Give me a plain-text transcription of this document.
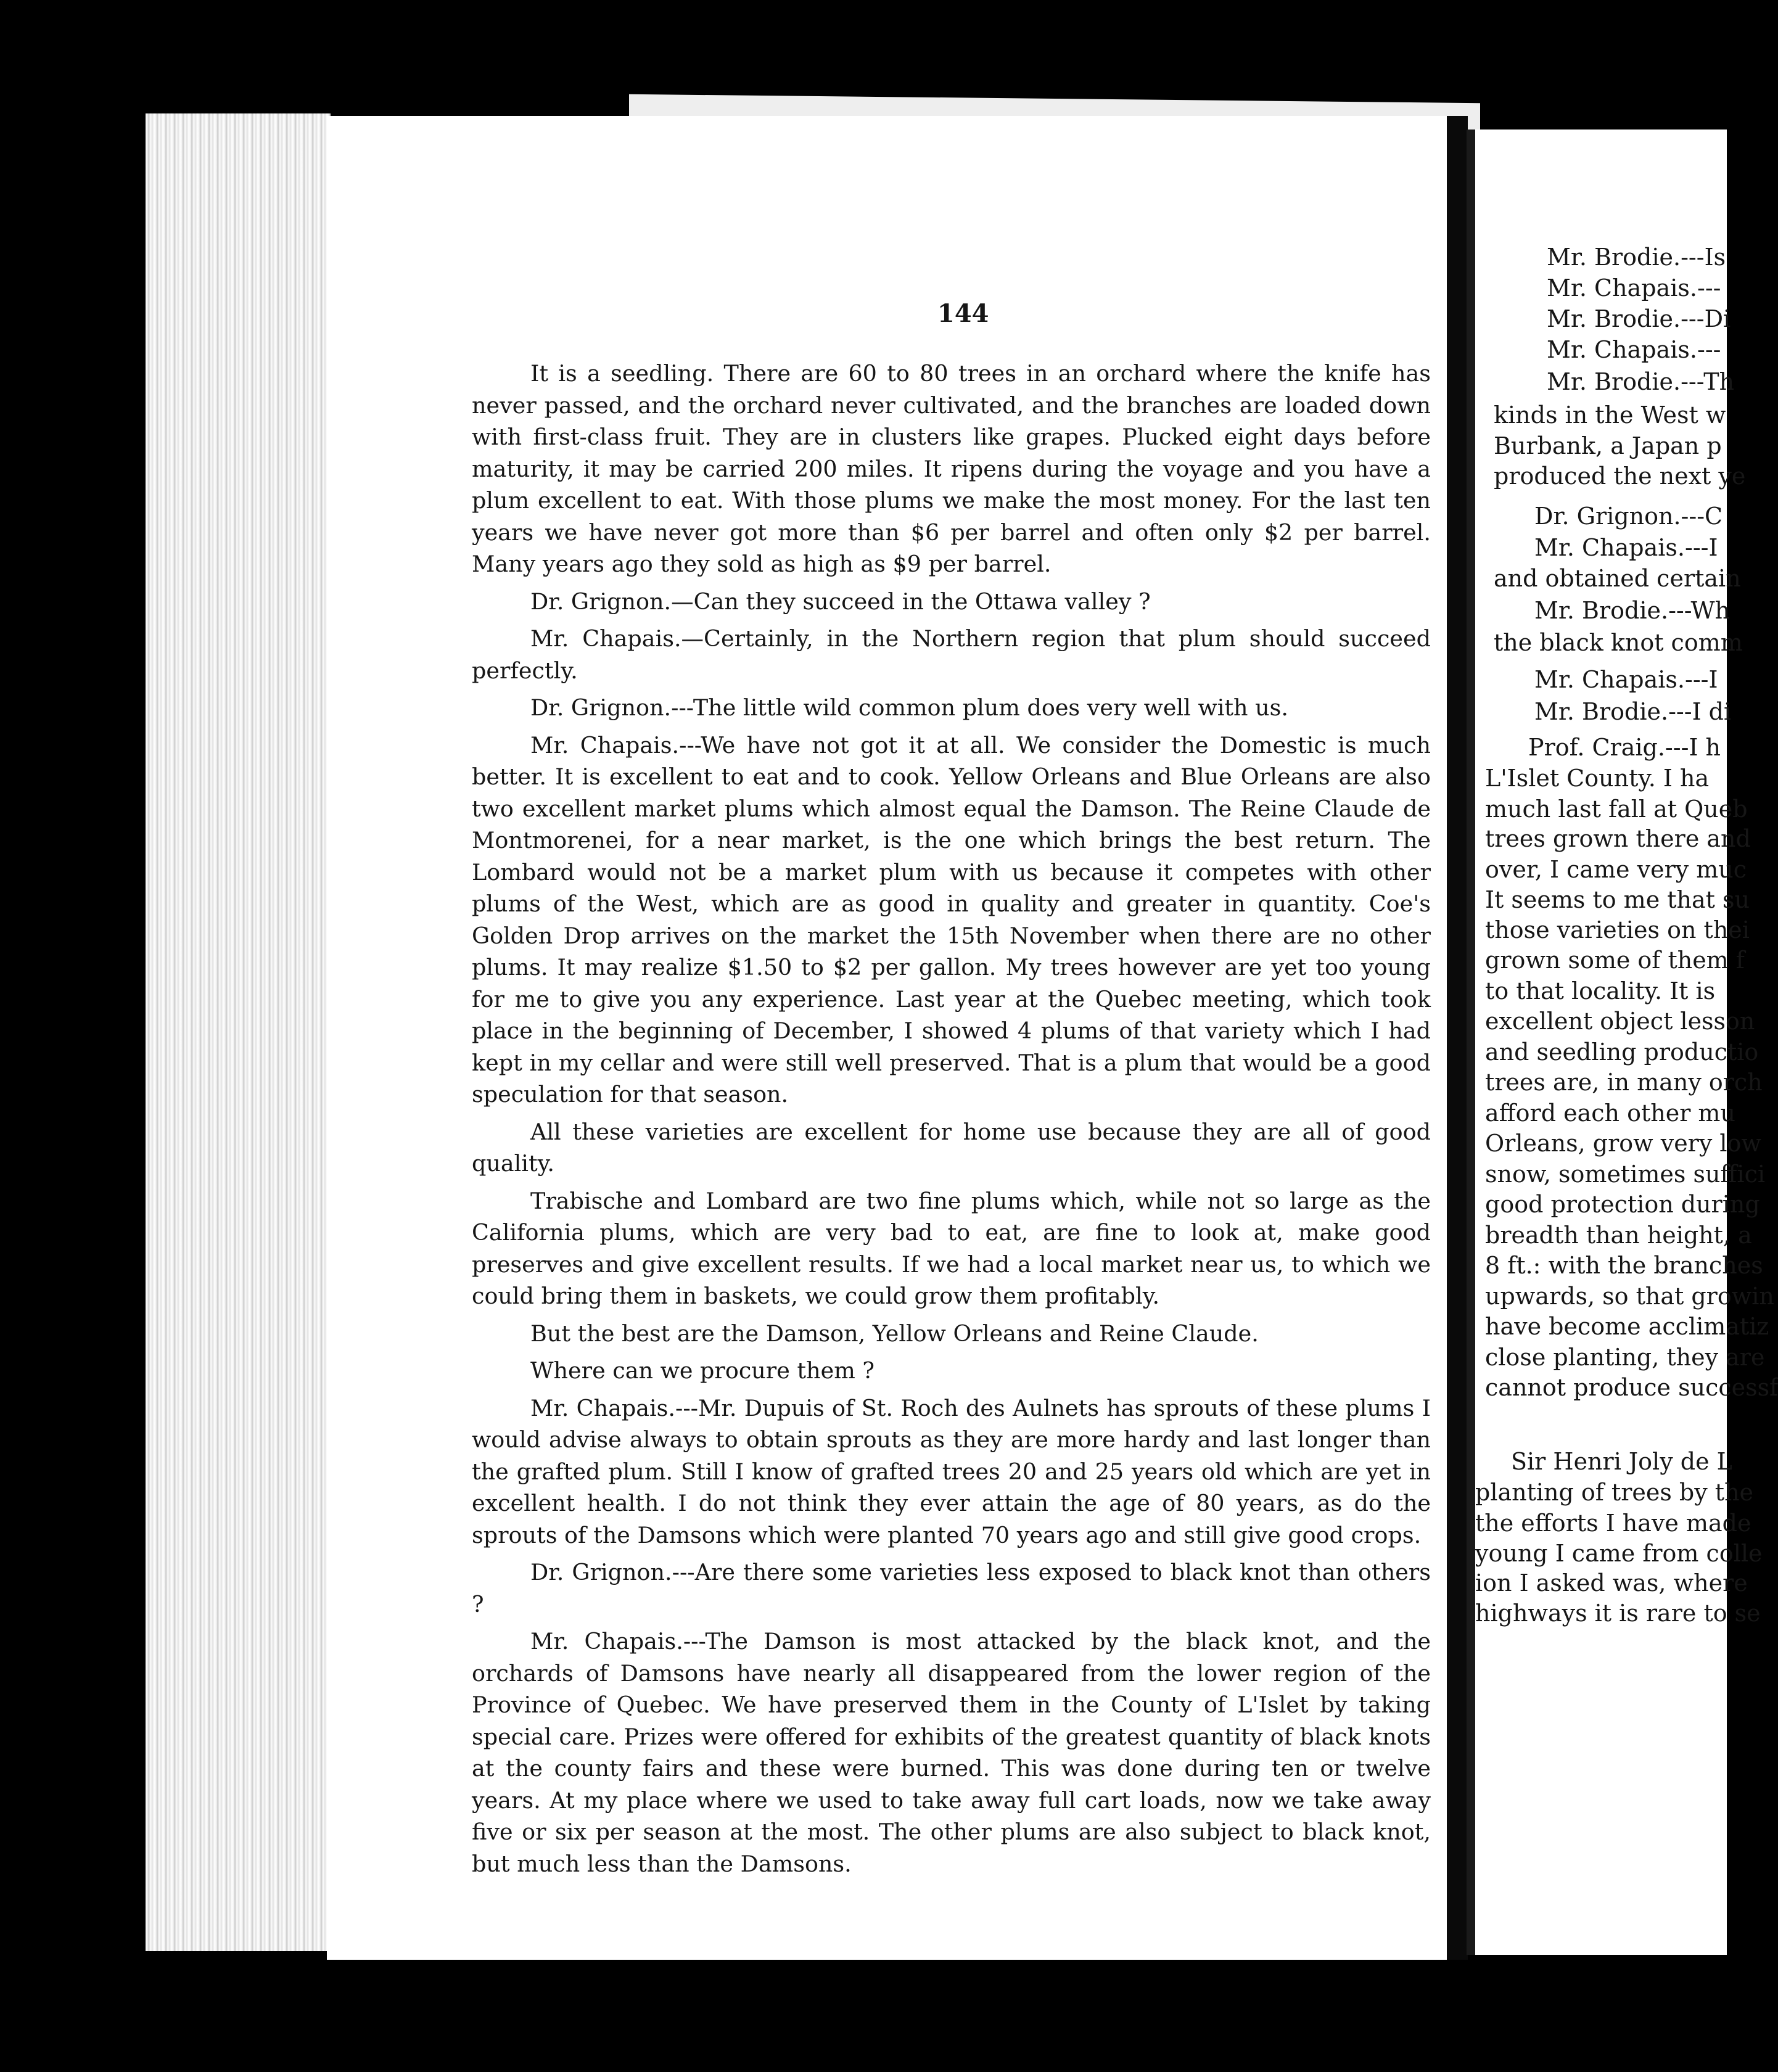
144

It is a seedling. There are 60 to 80 trees in an orchard where the knife has never passed, and the orchard never cultivated, and the branches are loaded down with first-class fruit. They are in clusters like grapes. Plucked eight days before maturity, it may be carried 200 miles. It ripens during the voyage and you have a plum excellent to eat. With those plums we make the most money. For the last ten years we have never got more than $6 per barrel and often only $2 per barrel. Many years ago they sold as high as $9 per barrel.

Dr. Grignon.—Can they succeed in the Ottawa valley ?

Mr. Chapais.—Certainly, in the Northern region that plum should succeed perfectly.

Dr. Grignon.---The little wild common plum does very well with us.

Mr. Chapais.---We have not got it at all. We consider the Domestic is much better. It is excellent to eat and to cook. Yellow Orleans and Blue Orleans are also two excellent market plums which almost equal the Damson. The Reine Claude de Montmorenei, for a near market, is the one which brings the best return. The Lombard would not be a market plum with us because it competes with other plums of the West, which are as good in quality and greater in quantity. Coe's Golden Drop arrives on the market the 15th November when there are no other plums. It may realize $1.50 to $2 per gallon. My trees however are yet too young for me to give you any experience. Last year at the Quebec meeting, which took place in the beginning of December, I showed 4 plums of that variety which I had kept in my cellar and were still well preserved. That is a plum that would be a good speculation for that season.

All these varieties are excellent for home use because they are all of good quality.

Trabische and Lombard are two fine plums which, while not so large as the California plums, which are very bad to eat, are fine to look at, make good preserves and give excellent results. If we had a local market near us, to which we could bring them in baskets, we could grow them profitably.

But the best are the Damson, Yellow Orleans and Reine Claude.

Where can we procure them ?

Mr. Chapais.---Mr. Dupuis of St. Roch des Aulnets has sprouts of these plums I would advise always to obtain sprouts as they are more hardy and last longer than the grafted plum. Still I know of grafted trees 20 and 25 years old which are yet in excellent health. I do not think they ever attain the age of 80 years, as do the sprouts of the Damsons which were planted 70 years ago and still give good crops.

Dr. Grignon.---Are there some varieties less exposed to black knot than others ?

Mr. Chapais.---The Damson is most attacked by the black knot, and the orchards of Damsons have nearly all disappeared from the lower region of the Province of Quebec. We have preserved them in the County of L'Islet by taking special care. Prizes were offered for exhibits of the greatest quantity of black knots at the county fairs and these were burned. This was done during ten or twelve years. At my place where we used to take away full cart loads, now we take away five or six per season at the most. The other plums are also subject to black knot, but much less than the Damsons.

Mr. Brodie.---Is
Mr. Chapais.---
Mr. Brodie.---Di
Mr. Chapais.---
Mr. Brodie.---Th
kinds in the West w
Burbank, a Japan p
produced the next ye
Dr. Grignon.---C
Mr. Chapais.---I
and obtained certain
Mr. Brodie.---Wh
the black knot comm
Mr. Chapais.---I
Mr. Brodie.---I di
Prof. Craig.---I h
L'Islet County. I ha
much last fall at Queb
trees grown there and
over, I came very muc
It seems to me that su
those varieties on thei
grown some of them f
to that locality. It is
excellent object lesson
and seedling productio
trees are, in many orch
afford each other mu
Orleans, grow very low
snow, sometimes suffici
good protection during
breadth than height, a
8 ft.: with the branches
upwards, so that growin
have become acclimatiz
close planting, they are
cannot produce successf
Sir Henri Joly de L
planting of trees by the
the efforts I have made
young I came from colle
ion I asked was, where
highways it is rare to se
